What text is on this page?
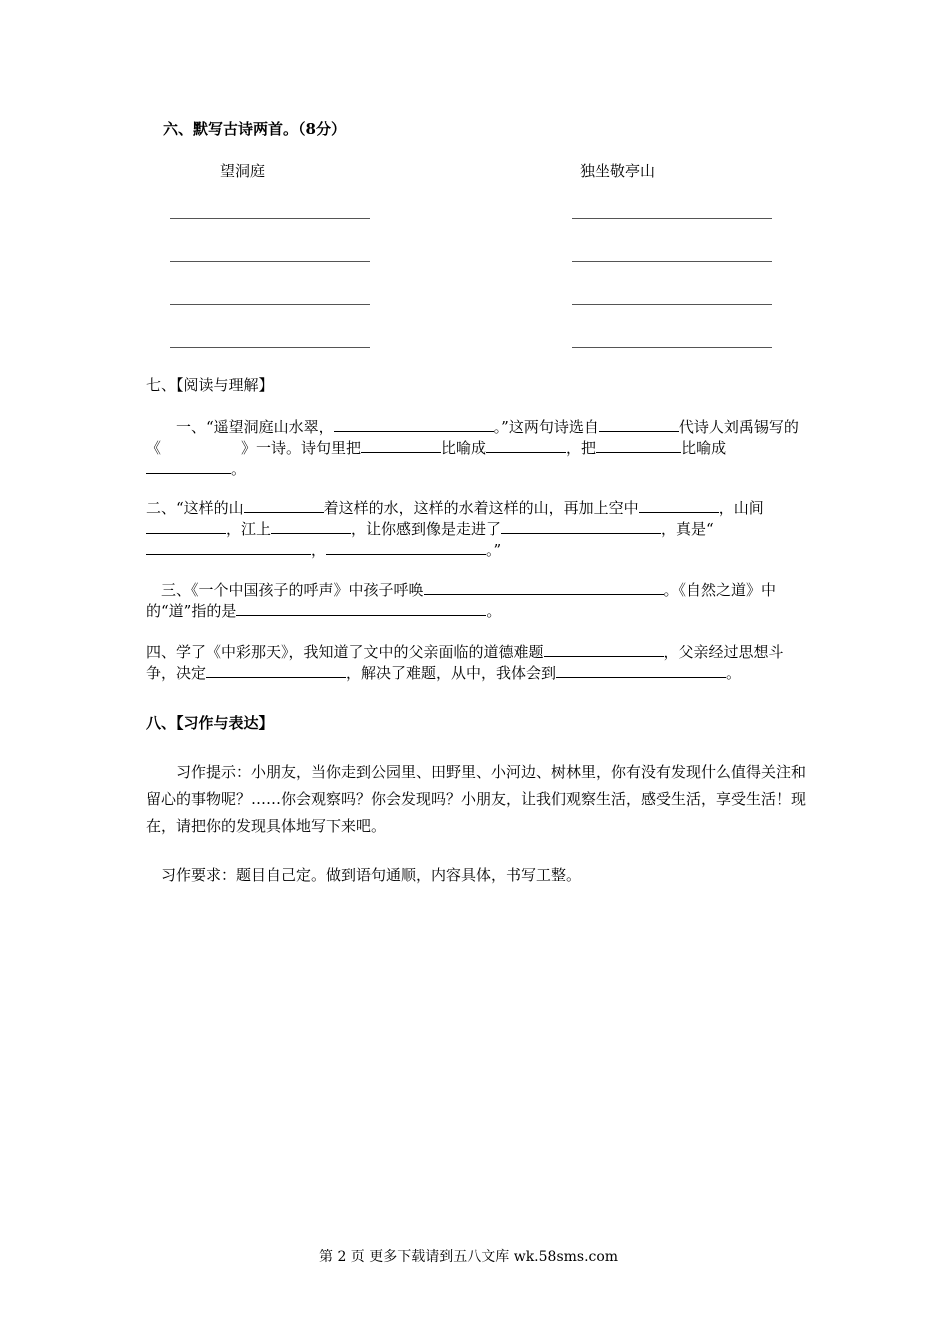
六、默写古诗两首。（8分）
望洞庭	独坐敬亭山
七、【阅读与理解】
一、“遥望洞庭山水翠，	。”这两句诗选自	代诗人刘禹锡写的《	》一诗。诗句里把	比喻成	，把	比喻成。
二、“这样的山	着这样的水，这样的水着这样的山，再加上空中	，山间，江上	，让你感到像是走进了	，真是“，	。”
三、《一个中国孩子的呼声》中孩子呼唤	。《自然之道》中的“道”指的是	。
四、学了《中彩那天》，我知道了文中的父亲面临的道德难题	，父亲经过思想斗争，决定	，解决了难题，从中，我体会到	。
八、【习作与表达】
习作提示：小朋友，当你走到公园里、田野里、小河边、树林里，你有没有发现什么值得关注和留心的事物呢？……你会观察吗？你会发现吗？小朋友，让我们观察生活，感受生活，享受生活！现在，请把你的发现具体地写下来吧。
习作要求：题目自己定。做到语句通顺，内容具体，书写工整。
第 2 页 更多下载请到五八文库 wk.58sms.com
